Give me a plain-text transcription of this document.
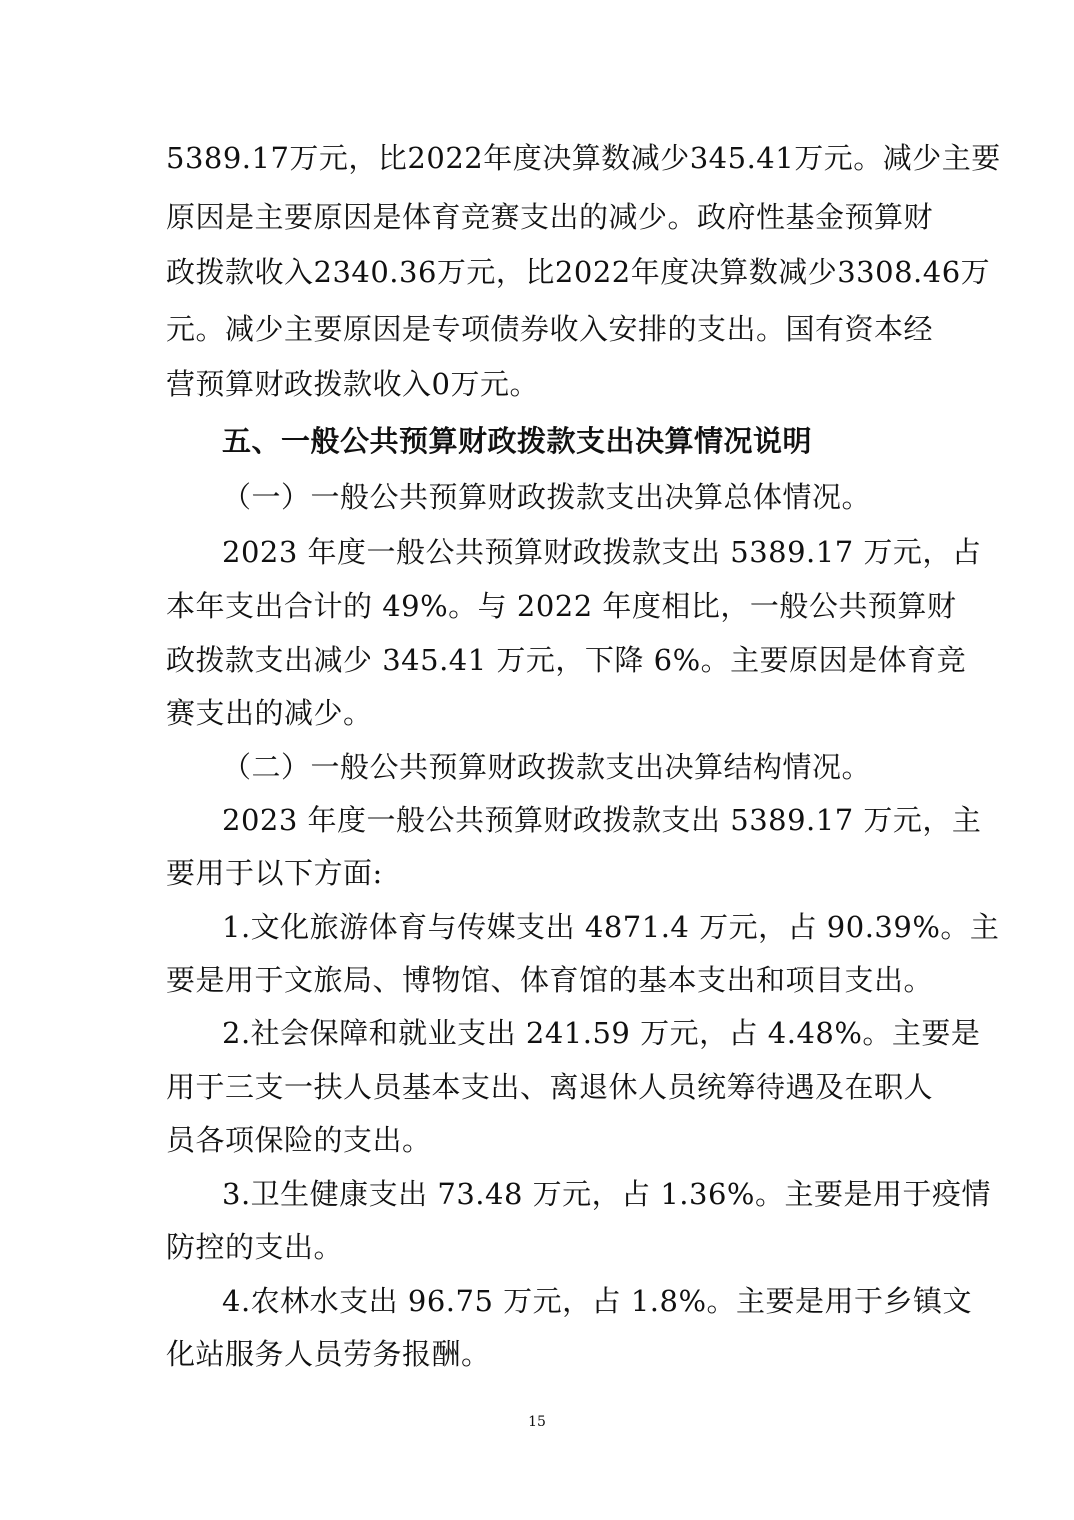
5389.17万元，比2022年度决算数减少345.41万元。减少主要
原因是主要原因是体育竞赛支出的减少。政府性基金预算财
政拨款收入2340.36万元，比2022年度决算数减少3308.46万
元。减少主要原因是专项债券收入安排的支出。国有资本经
营预算财政拨款收入0万元。
五、一般公共预算财政拨款支出决算情况说明
（一）一般公共预算财政拨款支出决算总体情况。
2023 年度一般公共预算财政拨款支出 5389.17 万元，占
本年支出合计的 49%。与 2022 年度相比，一般公共预算财
政拨款支出减少 345.41 万元，下降 6%。主要原因是体育竞
赛支出的减少。
（二）一般公共预算财政拨款支出决算结构情况。
2023 年度一般公共预算财政拨款支出 5389.17 万元，主
要用于以下方面:
1.文化旅游体育与传媒支出 4871.4 万元，占 90.39%。主
要是用于文旅局、博物馆、体育馆的基本支出和项目支出。
2.社会保障和就业支出 241.59 万元，占 4.48%。主要是
用于三支一扶人员基本支出、离退休人员统筹待遇及在职人
员各项保险的支出。
3.卫生健康支出 73.48 万元，占 1.36%。主要是用于疫情
防控的支出。
4.农林水支出 96.75 万元，占 1.8%。主要是用于乡镇文
化站服务人员劳务报酬。
15
